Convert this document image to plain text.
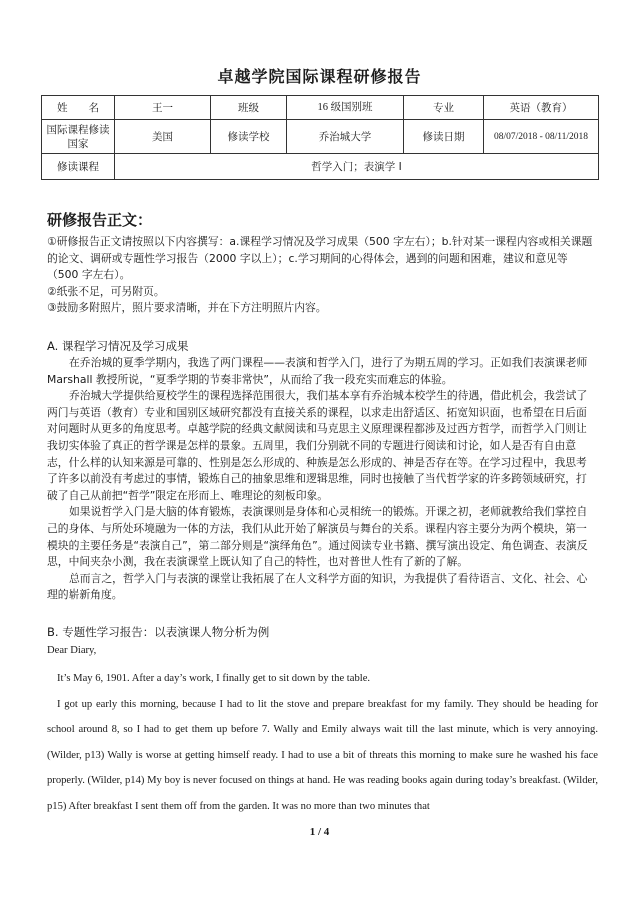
卓越学院国际课程研修报告
姓　　名	王一	班级	16 级国别班	专业	英语（教育）
国际课程修读国家	美国	修读学校	乔治城大学	修读日期	08/07/2018 - 08/11/2018
修读课程	哲学入门；表演学 I				
研修报告正文：

①研修报告正文请按照以下内容撰写：a.课程学习情况及学习成果（500 字左右）；b.针对某一课程内容或相关课题的论文、调研或专题性学习报告（2000 字以上）；c.学习期间的心得体会，遇到的问题和困难，建议和意见等（500 字左右）。

②纸张不足，可另附页。

③鼓励多附照片，照片要求清晰，并在下方注明照片内容。

A. 课程学习情况及学习成果

在乔治城的夏季学期内，我选了两门课程——表演和哲学入门，进行了为期五周的学习。正如我们表演课老师 Marshall 教授所说，“夏季学期的节奏非常快”，从而给了我一段充实而难忘的体验。

乔治城大学提供给夏校学生的课程选择范围很大，我们基本享有乔治城本校学生的待遇，借此机会，我尝试了两门与英语（教育）专业和国别区域研究都没有直接关系的课程，以求走出舒适区、拓宽知识面，也希望在日后面对问题时从更多的角度思考。卓越学院的经典文献阅读和马克思主义原理课程都涉及过西方哲学，而哲学入门则让我切实体验了真正的哲学课是怎样的景象。五周里，我们分别就不同的专题进行阅读和讨论，如人是否有自由意志，什么样的认知来源是可靠的、性别是怎么形成的、种族是怎么形成的、神是否存在等。在学习过程中，我思考了许多以前没有考虑过的事情，锻炼自己的抽象思维和逻辑思维，同时也接触了当代哲学家的许多跨领域研究，打破了自己从前把“哲学”限定在形而上、唯理论的刻板印象。

如果说哲学入门是大脑的体育锻炼，表演课则是身体和心灵相统一的锻炼。开课之初，老师就教给我们掌控自己的身体、与所处环境融为一体的方法，我们从此开始了解演员与舞台的关系。课程内容主要分为两个模块，第一模块的主要任务是“表演自己”，第二部分则是“演绎角色”。通过阅读专业书籍、撰写演出设定、角色调查、表演反思，中间夹杂小测，我在表演课堂上既认知了自己的特性，也对普世人性有了新的了解。

总而言之，哲学入门与表演的课堂让我拓展了在人文科学方面的知识，为我提供了看待语言、文化、社会、心理的崭新角度。

B. 专题性学习报告：以表演课人物分析为例
Dear Diary,

It’s May 6, 1901. After a day’s work, I finally get to sit down by the table.

I got up early this morning, because I had to lit the stove and prepare breakfast for my family. They should be heading for school around 8, so I had to get them up before 7. Wally and Emily always wait till the last minute, which is very annoying. (Wilder, p13) Wally is worse at getting himself ready. I had to use a bit of threats this morning to make sure he washed his face properly. (Wilder, p14) My boy is never focused on things at hand. He was reading books again during today’s breakfast. (Wilder, p15) After breakfast I sent them off from the garden. It was no more than two minutes that

1 / 4
